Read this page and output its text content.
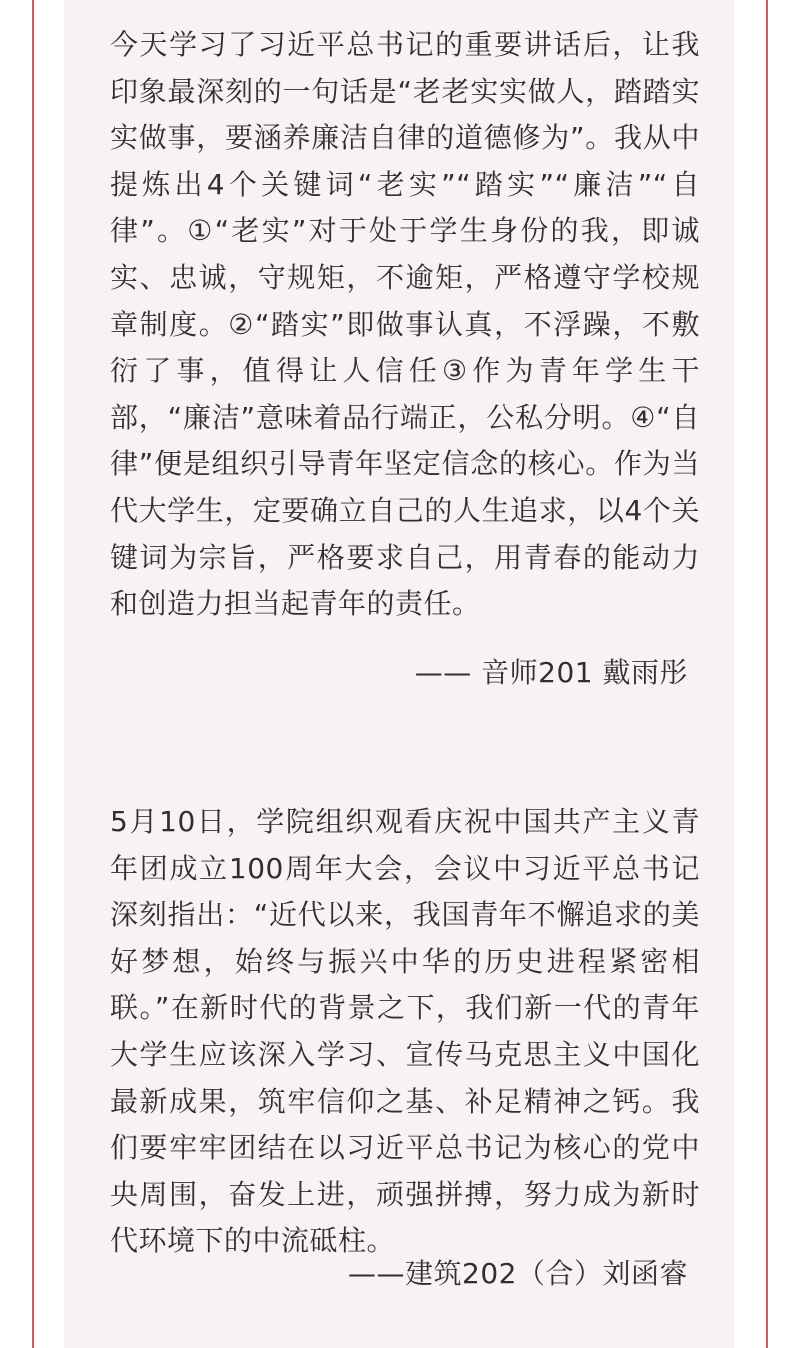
今天学习了习近平总书记的重要讲话后，让我印象最深刻的一句话是“老老实实做人，踏踏实实做事，要涵养廉洁自律的道德修为”。我从中提炼出4个关键词“老实”“踏实”“廉洁”“自律”。①“老实”对于处于学生身份的我，即诚实、忠诚，守规矩，不逾矩，严格遵守学校规章制度。②“踏实”即做事认真，不浮躁，不敷衍了事，值得让人信任③作为青年学生干部，“廉洁”意味着品行端正，公私分明。④“自律”便是组织引导青年坚定信念的核心。作为当代大学生，定要确立自己的人生追求，以4个关键词为宗旨，严格要求自己，用青春的能动力和创造力担当起青年的责任。

—— 音师201 戴雨彤

5月10日，学院组织观看庆祝中国共产主义青年团成立100周年大会，会议中习近平总书记深刻指出：“近代以来，我国青年不懈追求的美好梦想，始终与振兴中华的历史进程紧密相联。”在新时代的背景之下，我们新一代的青年大学生应该深入学习、宣传马克思主义中国化最新成果，筑牢信仰之基、补足精神之钙。我们要牢牢团结在以习近平总书记为核心的党中央周围，奋发上进，顽强拼搏，努力成为新时代环境下的中流砥柱。

——建筑202（合）刘函睿
